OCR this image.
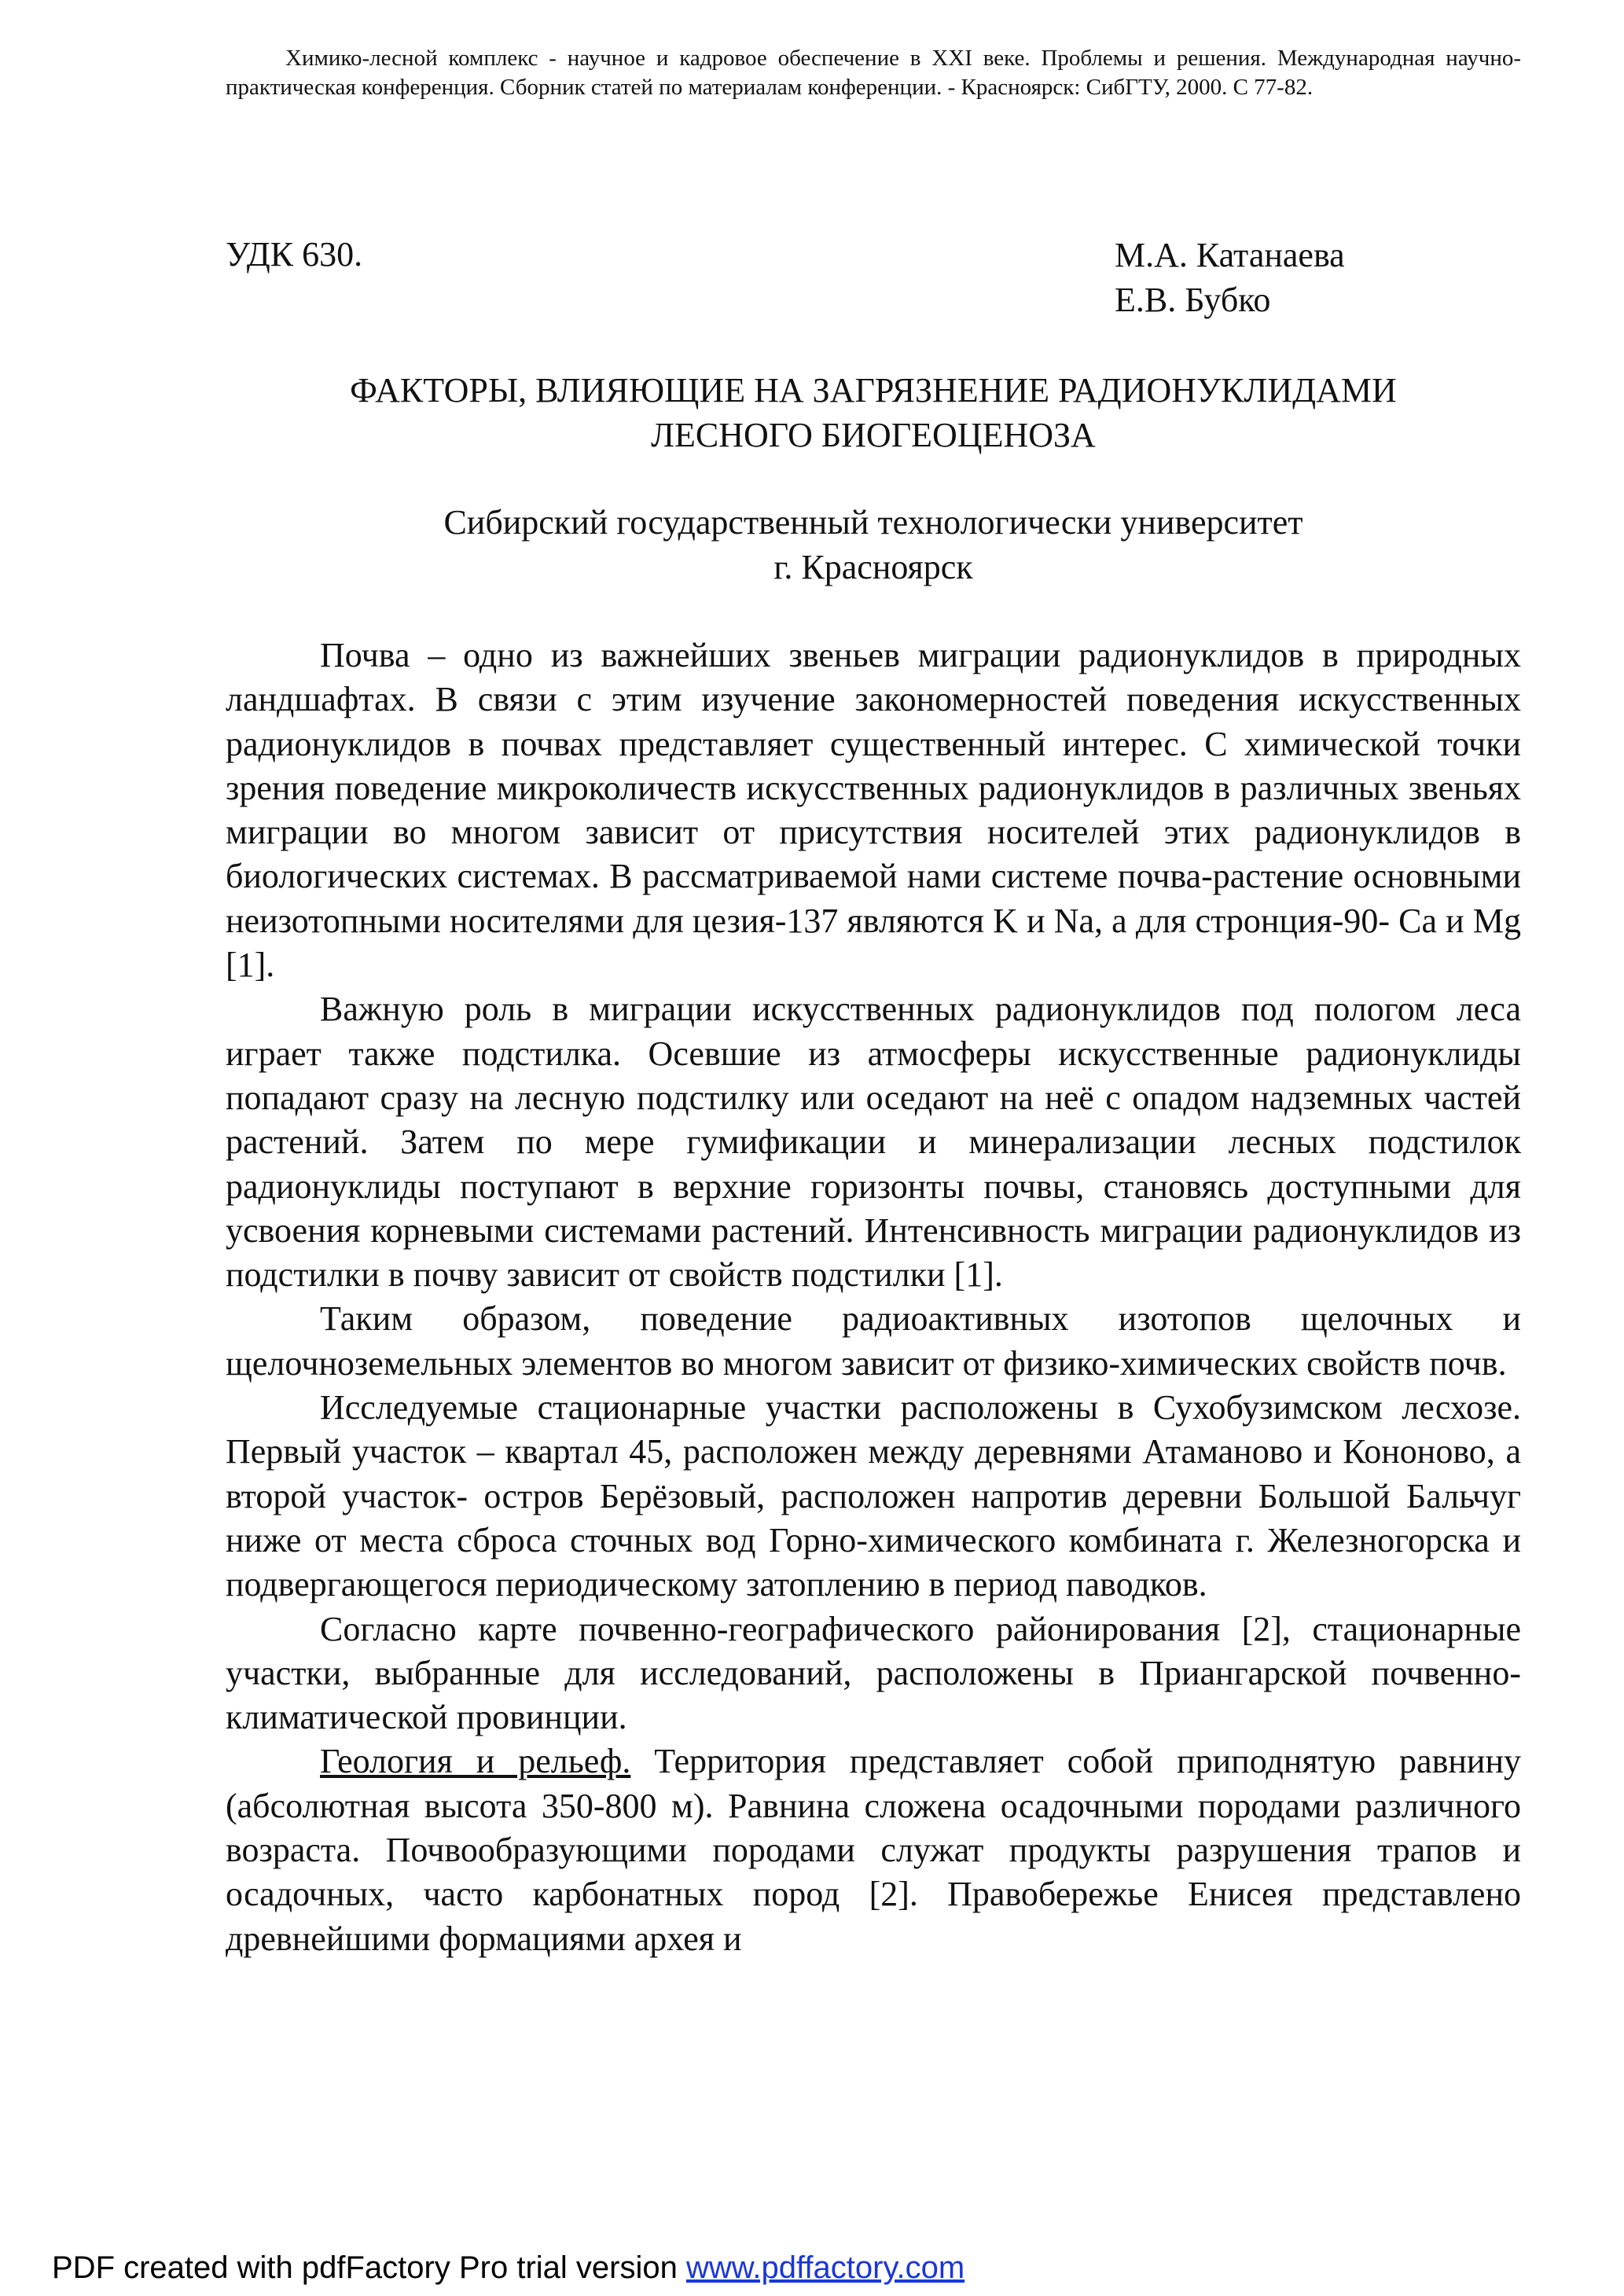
Химико-лесной комплекс - научное и кадровое обеспечение в XXI веке. Проблемы и решения. Международная научно-практическая конференция. Сборник статей по материалам конференции. - Красноярск: СибГТУ, 2000. С 77-82.
УДК 630.	М.А. Катанаева
Е.В. Бубко
ФАКТОРЫ, ВЛИЯЮЩИЕ НА ЗАГРЯЗНЕНИЕ РАДИОНУКЛИДАМИ
ЛЕСНОГО БИОГЕОЦЕНОЗА
Сибирский государственный технологически университет
г. Красноярск

Почва – одно из важнейших звеньев миграции радионуклидов в природных ландшафтах. В связи с этим изучение закономерностей поведения искусственных радионуклидов в почвах представляет существенный интерес. С химической точки зрения поведение микроколичеств искусственных радионуклидов в различных звеньях миграции во многом зависит от присутствия носителей этих радионуклидов в биологических системах. В рассматриваемой нами системе почва-растение основными неизотопными носителями для цезия-137 являются K и Na, а для стронция-90- Ca и Mg [1].

Важную роль в миграции искусственных радионуклидов под пологом леса играет также подстилка. Осевшие из атмосферы искусственные радионуклиды попадают сразу на лесную подстилку или оседают на неё с опадом надземных частей растений. Затем по мере гумификации и минерализации лесных подстилок радионуклиды поступают в верхние горизонты почвы, становясь доступными для усвоения корневыми системами растений. Интенсивность миграции радионуклидов из подстилки в почву зависит от свойств подстилки [1].

Таким образом, поведение радиоактивных изотопов щелочных и щелочноземельных элементов во многом зависит от физико-химических свойств почв.

Исследуемые стационарные участки расположены в Сухобузимском лесхозе. Первый участок – квартал 45, расположен между деревнями Атаманово и Кононово, а второй участок- остров Берёзовый, расположен напротив деревни Большой Бальчуг ниже от места сброса сточных вод Горно-химического комбината г. Железногорска и подвергающегося периодическому затоплению в период паводков.

Согласно карте почвенно-географического районирования [2], стационарные участки, выбранные для исследований, расположены в Приангарской почвенно-климатической провинции.

Геология и рельеф. Территория представляет собой приподнятую равнину (абсолютная высота 350-800 м). Равнина сложена осадочными породами различного возраста. Почвообразующими породами служат продукты разрушения трапов и осадочных, часто карбонатных пород [2]. Правобережье Енисея представлено древнейшими формациями архея и

PDF created with pdfFactory Pro trial version www.pdffactory.com
